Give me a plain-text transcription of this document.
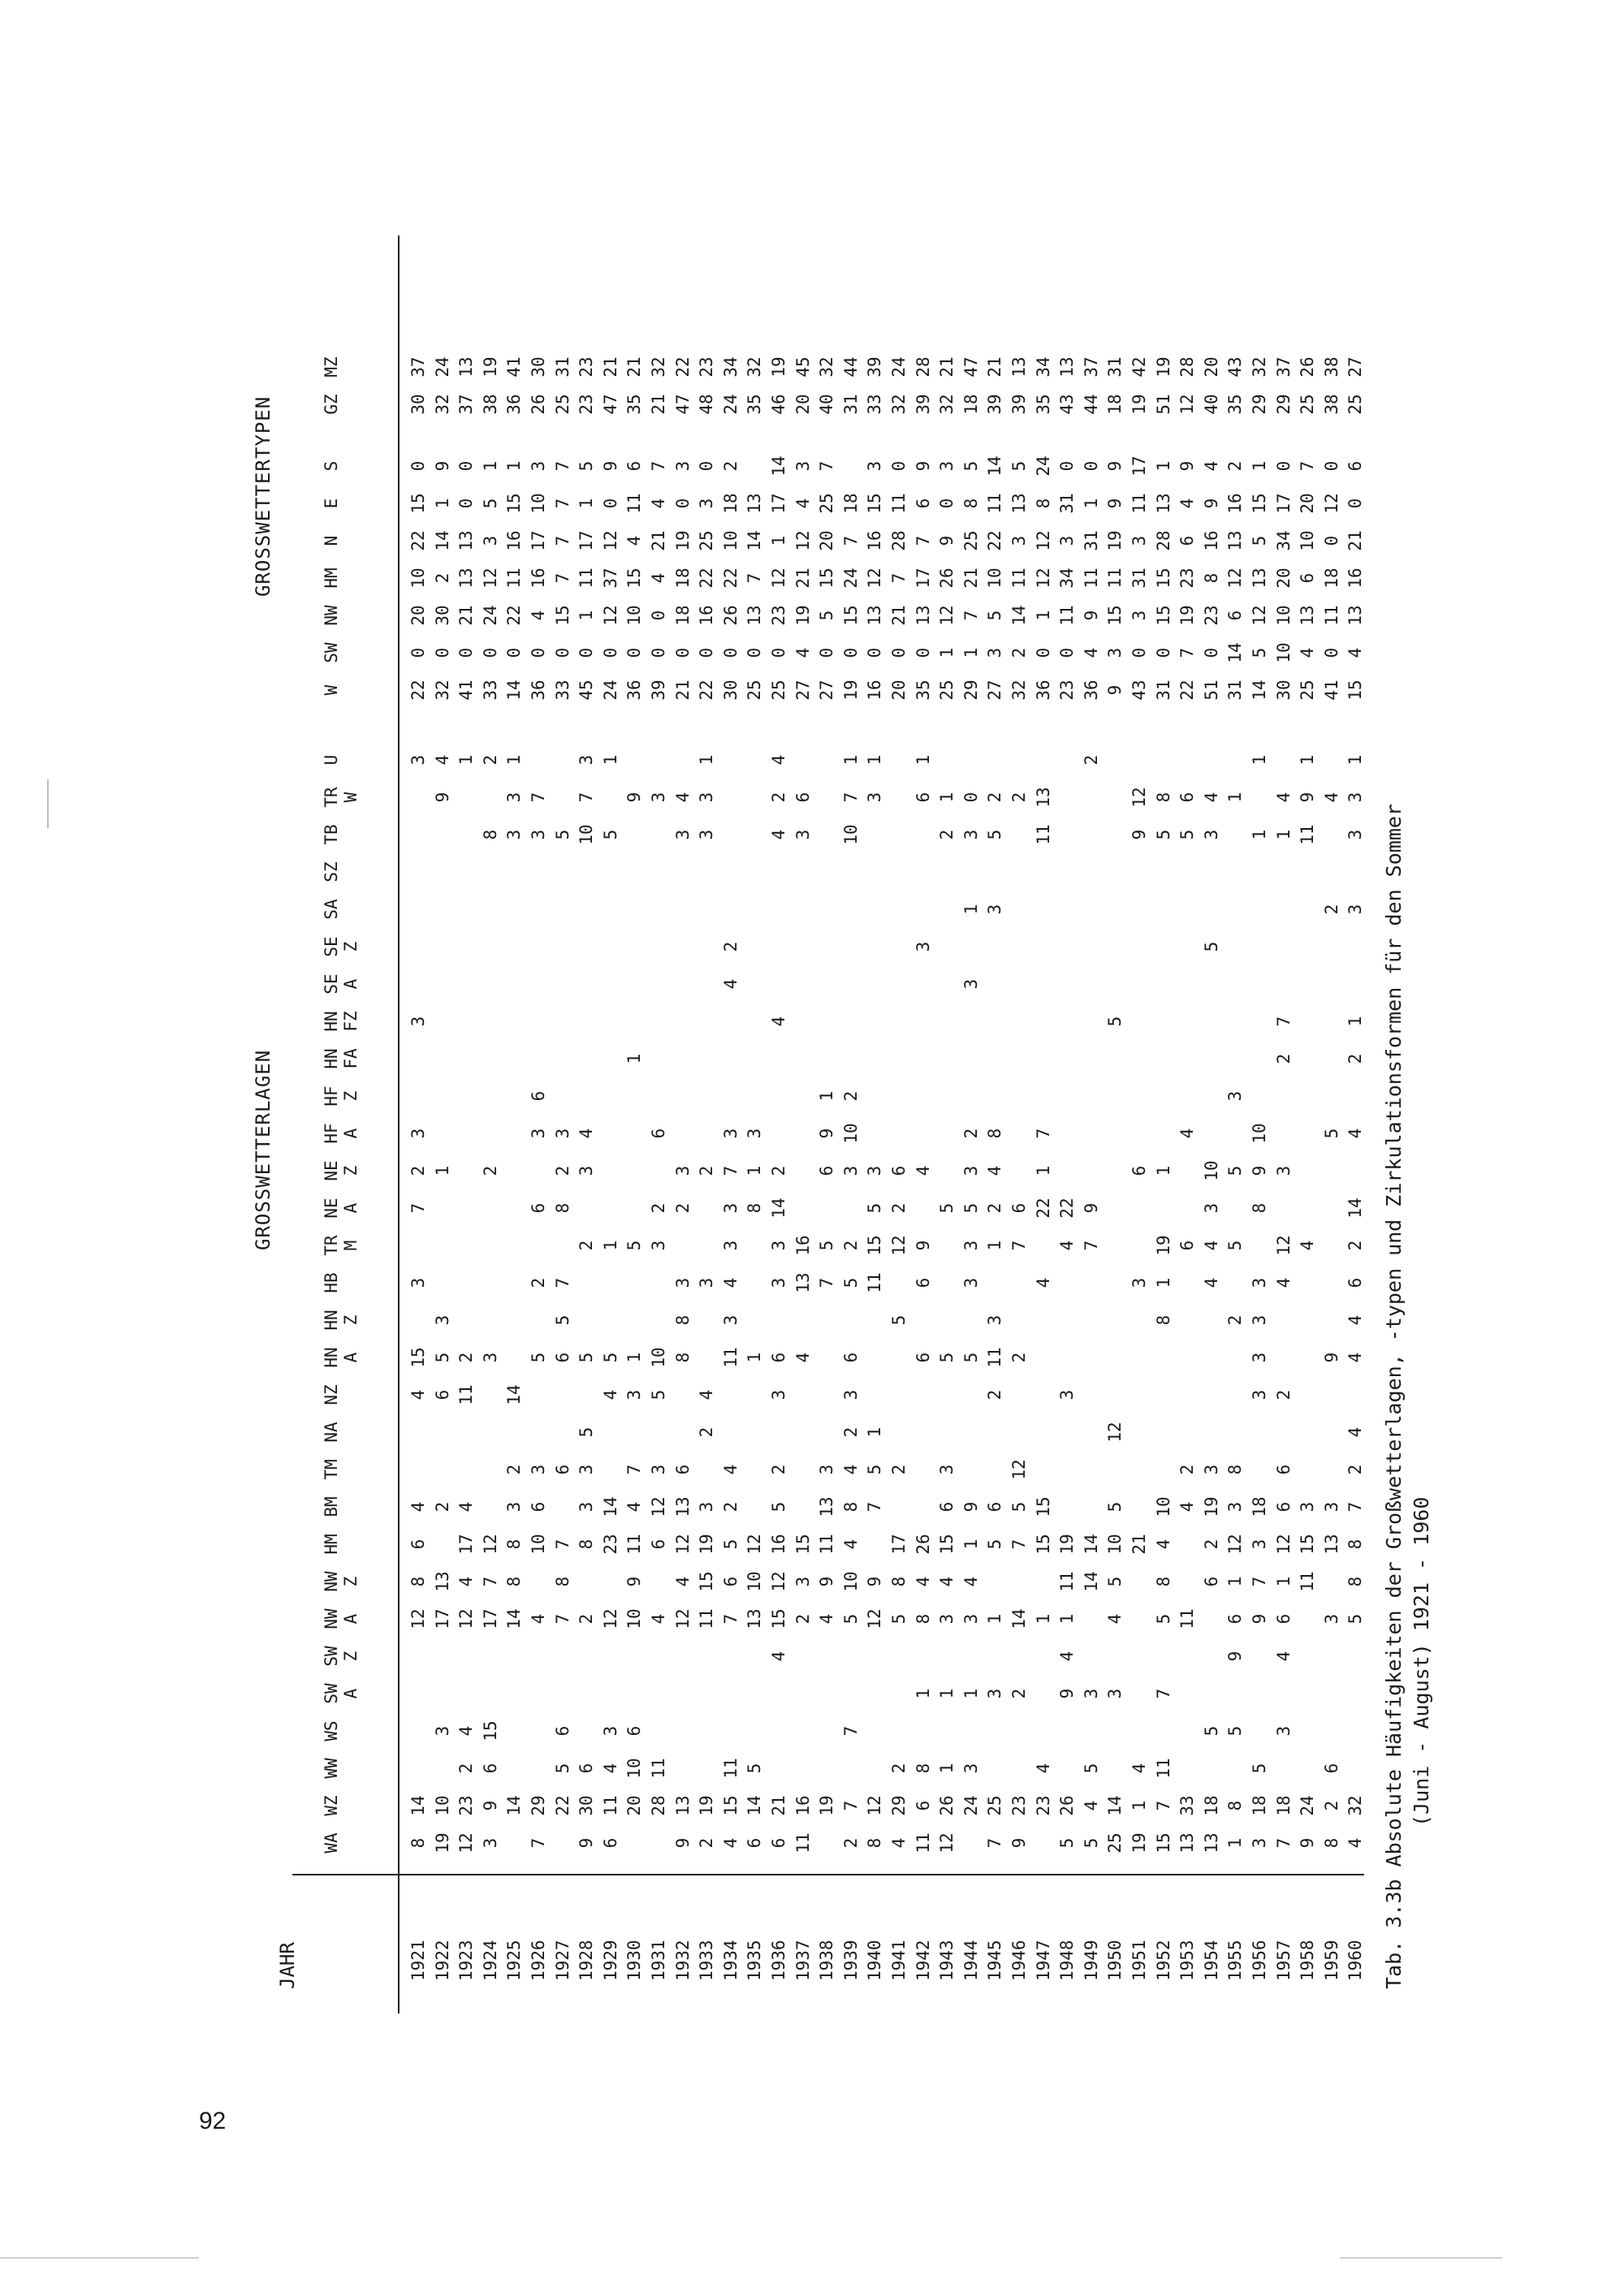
92
JAHR
GROSSWETTERLAGEN
GROSSWETTERTYPEN
WA
WZ
WW
WS
SW A
SW Z
NW A
NW Z
HM
BM
TM
NA
NZ
HN A
HN Z
HB
TR M
NE A
NE Z
HF A
HF Z
HN FA
HN FZ
SE A
SE Z
SA
SZ
TB
TR W
U
W
SW
NW
HM
N
E
S
GZ
MZ
1921
8
14
12
8
6
4
4
15
3
7
2
3
3
3
22
0
20
10
22
15
0
30
37
1922
19
10
3
17
13
2
6
5
3
1
9
4
32
0
30
2
14
1
9
32
24
1923
12
23
2
4
12
4
17
4
11
2
1
41
0
21
13
13
0
0
37
13
1924
3
9
6
15
17
7
12
3
2
8
2
33
0
24
12
3
5
1
38
19
1925
14
14
8
8
3
2
14
3
3
1
14
0
22
11
16
15
1
36
41
1926
7
29
4
10
6
3
5
2
6
3
6
3
7
36
0
4
16
17
10
3
26
30
1927
22
5
6
7
8
7
6
6
5
7
8
2
3
5
33
0
15
7
7
7
7
25
31
1928
9
30
6
2
8
3
3
5
5
2
3
4
10
7
3
45
0
1
11
17
1
5
23
23
1929
6
11
4
3
12
23
14
4
5
1
5
1
24
0
12
37
12
0
9
47
21
1930
20
10
6
10
9
11
4
7
3
1
5
1
9
36
0
10
15
4
11
6
35
21
1931
28
11
4
6
12
3
5
10
3
2
6
3
39
0
0
4
21
4
7
21
32
1932
9
13
12
4
12
13
6
8
8
3
2
3
3
4
21
0
18
18
19
0
3
47
22
1933
2
19
11
15
19
3
2
4
3
2
3
3
1
22
0
16
22
25
3
0
48
23
1934
4
15
11
7
6
5
2
4
11
3
4
3
3
7
3
4
2
30
0
26
22
10
18
2
24
34
1935
6
14
5
13
10
12
1
8
1
3
25
0
13
7
14
13
35
32
1936
6
21
4
15
12
16
5
2
3
6
3
3
14
2
4
4
2
4
25
0
23
12
1
17
14
46
19
1937
11
16
2
3
15
4
13
16
3
6
27
4
19
21
12
4
3
20
45
1938
19
4
9
11
13
3
7
5
6
9
1
27
0
5
15
20
25
7
40
32
1939
2
7
7
5
10
4
8
4
2
3
6
5
2
3
10
2
10
7
1
19
0
15
24
7
18
31
44
1940
8
12
12
9
7
5
1
11
15
5
3
3
1
16
0
13
12
16
15
3
33
39
1941
4
29
2
5
8
17
2
5
12
2
6
20
0
21
7
28
11
0
32
24
1942
11
6
8
1
8
4
26
6
6
9
4
3
6
1
35
0
13
17
7
6
9
39
28
1943
12
26
1
1
3
4
15
6
3
5
5
2
1
25
1
12
26
9
0
3
32
21
1944
24
3
1
3
4
1
9
5
3
3
5
3
2
3
1
3
0
29
1
7
21
25
8
5
18
47
1945
7
25
3
1
5
6
2
11
3
1
2
4
8
3
5
2
27
3
5
10
22
11
14
39
21
1946
9
23
2
14
7
5
12
2
7
6
2
32
2
14
11
3
13
5
39
13
1947
23
4
1
15
15
4
22
1
7
11
13
36
0
1
12
12
8
24
35
34
1948
5
26
9
4
1
11
19
3
4
22
23
0
11
34
3
31
0
43
13
1949
5
4
5
3
14
14
7
9
2
36
4
9
11
31
1
0
44
37
1950
25
14
3
4
5
10
5
12
5
9
3
15
11
19
9
9
18
31
1951
19
1
4
21
3
6
9
12
43
0
3
31
3
11
17
19
42
1952
15
7
11
7
5
8
4
10
8
1
19
1
5
8
31
0
15
15
28
13
1
51
19
1953
13
33
11
4
2
6
4
5
6
22
7
19
23
6
4
9
12
28
1954
13
18
5
6
2
19
3
4
4
3
10
5
3
4
51
0
23
8
16
9
4
40
20
1955
1
8
5
9
6
1
12
3
8
2
5
5
3
1
31
14
6
12
13
16
2
35
43
1956
3
18
5
9
7
3
18
3
3
3
3
8
9
10
1
1
14
5
12
13
5
15
1
29
32
1957
7
18
3
4
6
1
12
6
6
2
4
12
3
2
7
1
4
30
10
10
20
34
17
0
29
37
1958
9
24
11
15
3
4
11
9
1
25
4
13
6
10
20
7
25
26
1959
8
2
6
3
13
3
9
5
2
4
41
0
11
18
0
12
0
38
38
1960
4
32
5
8
8
7
2
4
4
4
6
2
14
4
2
1
3
3
3
1
15
4
13
16
21
0
6
25
27
Tab. 3.3b Absolute Häufigkeiten der Großwetterlagen, -typen und Zirkulationsformen für den Sommer (Juni - August) 1921 - 1960
